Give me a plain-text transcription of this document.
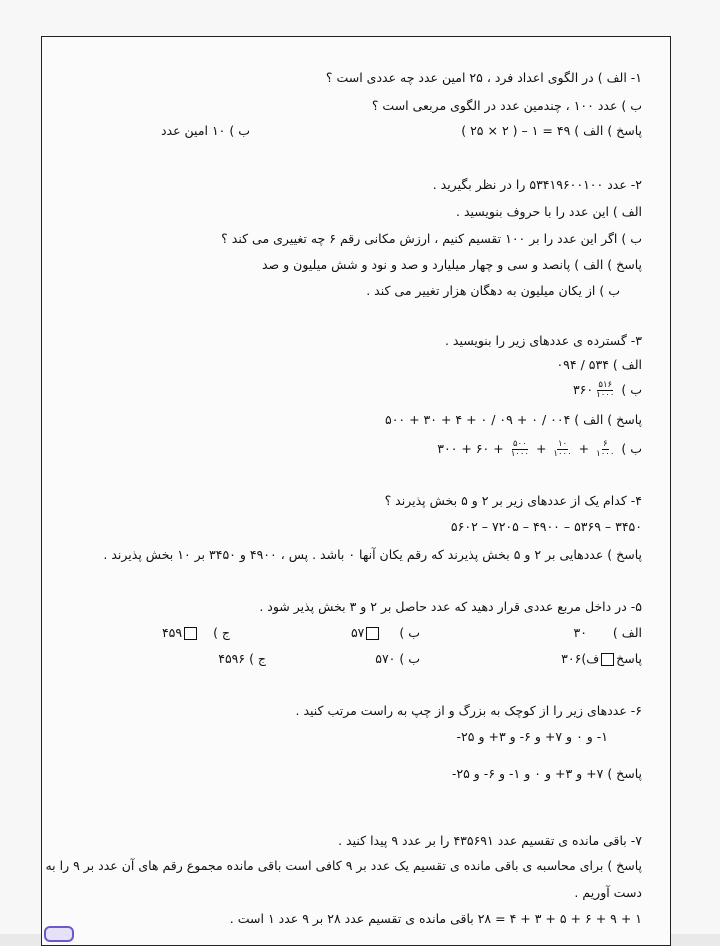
۱- الف ) در الگوی اعداد فرد ، ۲۵ امین عدد چه عددی است ؟
ب ) عدد ۱۰۰ ، چندمین عدد در الگوی مربعی است ؟
پاسخ ) الف ) ۴۹ = ۱ – ( ۲ × ۲۵ )
ب ) ۱۰ امین عدد
۲- عدد ۵۳۴۱۹۶۰۰۱۰۰ را در نظر بگیرید .
الف ) این عدد را با حروف بنویسید .
ب ) اگر این عدد را بر ۱۰۰ تقسیم کنیم ، ارزش مکانی رقم ۶ چه تغییری می کند ؟
پاسخ ) الف ) پانصد و سی و چهار میلیارد و صد و نود و شش میلیون و صد
ب ) از یکان میلیون به دهگان هزار تغییر می کند .
۳- گسترده ی عددهای زیر را بنویسید .
الف ) ۵۳۴ / ۰۹۴
ب ) ۳۶۰ $\frac{۵۱۶}{۱۰۰۰}$
پاسخ ) الف ) ۵۰۰ + ۳۰ + ۴ + ۰ / ۰۹ + ۰ / ۰۰۴
ب ) ۳۰۰ + ۶۰ + $\frac{۵۰۰}{۱۰۰۰} + \frac{۱۰}{۱۰۰۰} + \frac{۶}{۱۰۰۰}$
۴- کدام یک از عددهای زیر بر ۲ و ۵ بخش پذیرند ؟
۵۶۰۲ – ۷۲۰۵ – ۴۹۰۰ – ۵۳۶۹ – ۳۴۵۰
پاسخ ) عددهایی بر ۲ و ۵ بخش پذیرند که رقم یکان آنها ۰ باشد . پس ، ۴۹۰۰ و ۳۴۵۰ بر ۱۰ بخش پذیرند .
۵- در داخل مربع عددی قرار دهید که عدد حاصل بر ۲ و ۳ بخش پذیر شود .
الف )  ۳۰
ب )  ۵۷
ج )  ۴۵۹
پاسخف)۳۰۶
ب ) ۵۷۰
ج ) ۴۵۹۶
۶- عددهای زیر را از کوچک به بزرگ و از چپ به راست مرتب کنید .
۱- و ۰ و ۷+ و ۶- و ۳+ و ۲۵-
پاسخ ) ۷+ و ۳+ و ۰ و ۱- و ۶- و ۲۵-
۷- باقی مانده ی تقسیم عدد ۴۳۵۶۹۱ را بر عدد ۹ پیدا کنید .
پاسخ ) برای محاسبه ی باقی مانده ی تقسیم یک عدد بر ۹ کافی است باقی مانده مجموع رقم های آن عدد بر ۹ را به
دست آوریم .
۱ + ۹ + ۶ + ۵ + ۳ + ۴ = ۲۸ باقی مانده ی تقسیم عدد ۲۸ بر ۹ عدد ۱ است .
